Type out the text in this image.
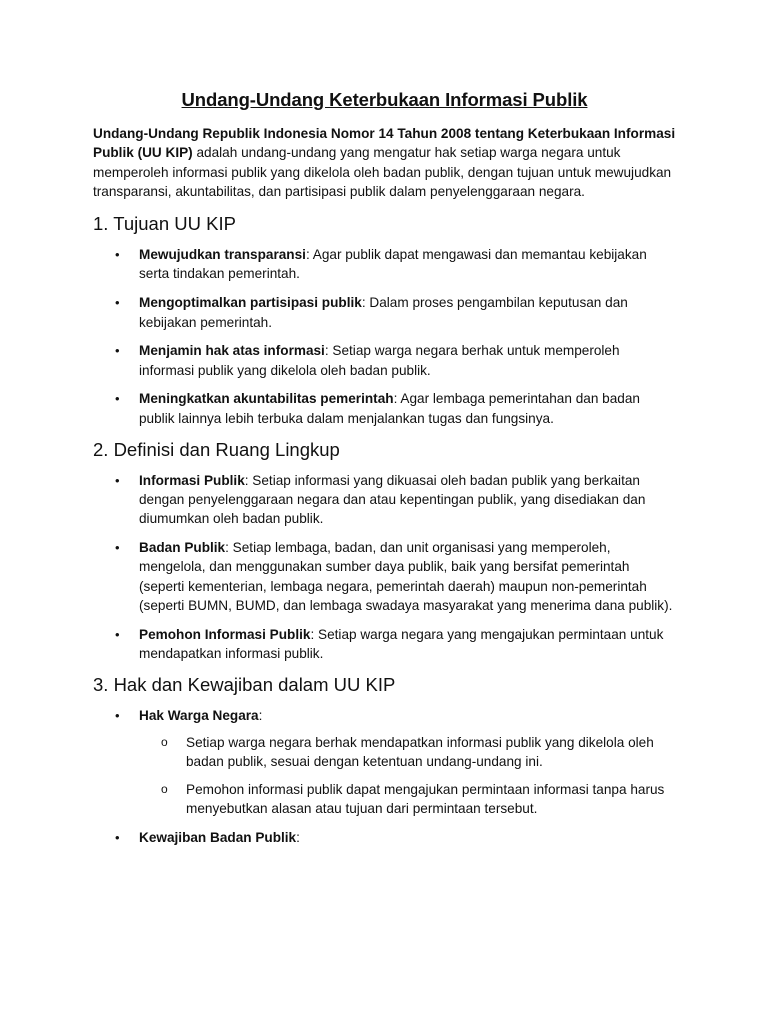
Undang-Undang Keterbukaan Informasi Publik

Undang-Undang Republik Indonesia Nomor 14 Tahun 2008 tentang Keterbukaan Informasi Publik (UU KIP) adalah undang-undang yang mengatur hak setiap warga negara untuk memperoleh informasi publik yang dikelola oleh badan publik, dengan tujuan untuk mewujudkan transparansi, akuntabilitas, dan partisipasi publik dalam penyelenggaraan negara.

1. Tujuan UU KIP
• Mewujudkan transparansi: Agar publik dapat mengawasi dan memantau kebijakan serta tindakan pemerintah.
• Mengoptimalkan partisipasi publik: Dalam proses pengambilan keputusan dan kebijakan pemerintah.
• Menjamin hak atas informasi: Setiap warga negara berhak untuk memperoleh informasi publik yang dikelola oleh badan publik.
• Meningkatkan akuntabilitas pemerintah: Agar lembaga pemerintahan dan badan publik lainnya lebih terbuka dalam menjalankan tugas dan fungsinya.
2. Definisi dan Ruang Lingkup
• Informasi Publik: Setiap informasi yang dikuasai oleh badan publik yang berkaitan dengan penyelenggaraan negara dan atau kepentingan publik, yang disediakan dan diumumkan oleh badan publik.
• Badan Publik: Setiap lembaga, badan, dan unit organisasi yang memperoleh, mengelola, dan menggunakan sumber daya publik, baik yang bersifat pemerintah (seperti kementerian, lembaga negara, pemerintah daerah) maupun non-pemerintah (seperti BUMN, BUMD, dan lembaga swadaya masyarakat yang menerima dana publik).
• Pemohon Informasi Publik: Setiap warga negara yang mengajukan permintaan untuk mendapatkan informasi publik.
3. Hak dan Kewajiban dalam UU KIP
• Hak Warga Negara:
o Setiap warga negara berhak mendapatkan informasi publik yang dikelola oleh badan publik, sesuai dengan ketentuan undang-undang ini.
o Pemohon informasi publik dapat mengajukan permintaan informasi tanpa harus menyebutkan alasan atau tujuan dari permintaan tersebut.
• Kewajiban Badan Publik:
